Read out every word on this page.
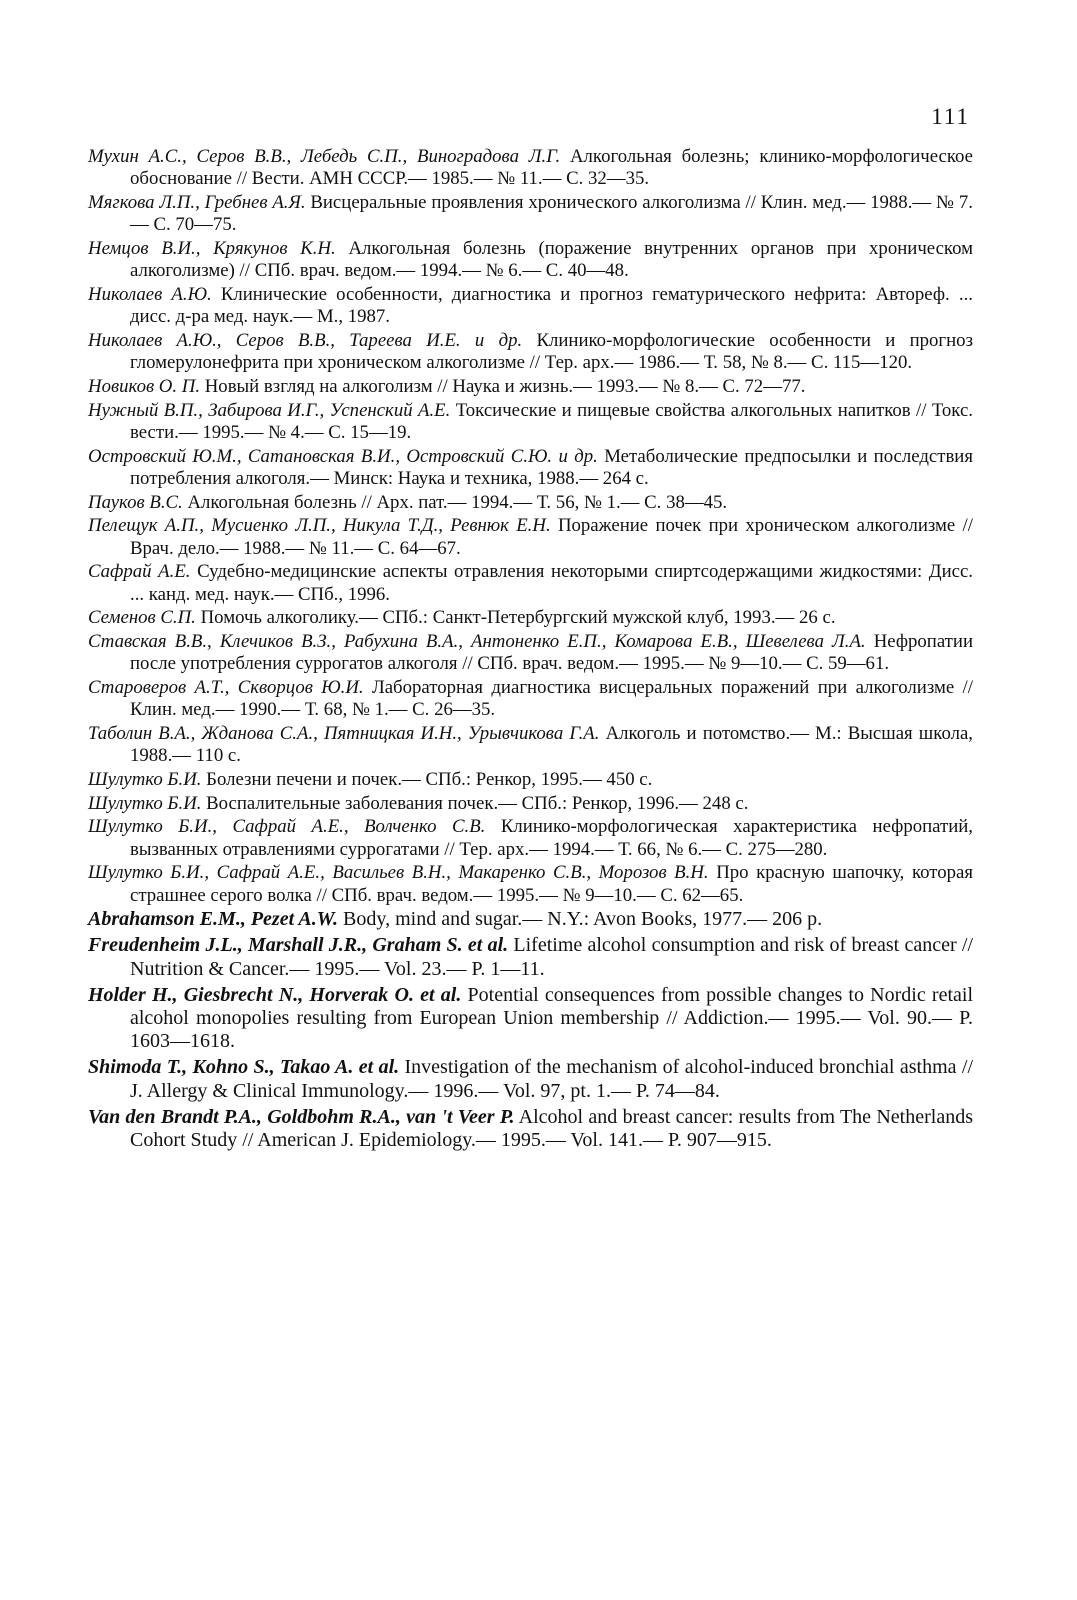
111

Мухин А.С., Серов В.В., Лебедь С.П., Виноградова Л.Г. Алкогольная болезнь; клинико-морфологическое обоснование // Вести. АМН СССР.— 1985.— № 11.— С. 32—35.

Мягкова Л.П., Гребнев А.Я. Висцеральные проявления хронического алкоголизма // Клин. мед.— 1988.— № 7.— С. 70—75.

Немцов В.И., Крякунов К.Н. Алкогольная болезнь (поражение внутренних органов при хроническом алкоголизме) // СПб. врач. ведом.— 1994.— № 6.— С. 40—48.

Николаев А.Ю. Клинические особенности, диагностика и прогноз гематурического нефрита: Автореф. ... дисс. д-ра мед. наук.— М., 1987.

Николаев А.Ю., Серов В.В., Тареева И.Е. и др. Клинико-морфологические особенности и прогноз гломерулонефрита при хроническом алкоголизме // Тер. арх.— 1986.— Т. 58, № 8.— С. 115—120.

Новиков О. П. Новый взгляд на алкоголизм // Наука и жизнь.— 1993.— № 8.— С. 72—77.

Нужный В.П., Забирова И.Г., Успенский А.Е. Токсические и пищевые свойства алкогольных напитков // Токс. вести.— 1995.— № 4.— С. 15—19.

Островский Ю.М., Сатановская В.И., Островский С.Ю. и др. Метаболические предпосылки и последствия потребления алкоголя.— Минск: Наука и техника, 1988.— 264 с.

Пауков В.С. Алкогольная болезнь // Арх. пат.— 1994.— Т. 56, № 1.— С. 38—45.

Пелещук А.П., Мусиенко Л.П., Никула Т.Д., Ревнюк Е.Н. Поражение почек при хроническом алкоголизме // Врач. дело.— 1988.— № 11.— С. 64—67.

Сафрай А.Е. Судебно-медицинские аспекты отравления некоторыми спиртсодержащими жидкостями: Дисс. ... канд. мед. наук.— СПб., 1996.

Семенов С.П. Помочь алкоголику.— СПб.: Санкт-Петербургский мужской клуб, 1993.— 26 с.

Ставская В.В., Клечиков В.З., Рабухина В.А., Антоненко Е.П., Комарова Е.В., Шевелева Л.А. Нефропатии после употребления суррогатов алкоголя // СПб. врач. ведом.— 1995.— № 9—10.— С. 59—61.

Староверов А.Т., Скворцов Ю.И. Лабораторная диагностика висцеральных поражений при алкоголизме // Клин. мед.— 1990.— Т. 68, № 1.— С. 26—35.

Таболин В.А., Жданова С.А., Пятницкая И.Н., Урывчикова Г.А. Алкоголь и потомство.— М.: Высшая школа, 1988.— 110 с.

Шулутко Б.И. Болезни печени и почек.— СПб.: Ренкор, 1995.— 450 с.

Шулутко Б.И. Воспалительные заболевания почек.— СПб.: Ренкор, 1996.— 248 с.

Шулутко Б.И., Сафрай А.Е., Волченко С.В. Клинико-морфологическая характеристика нефропатий, вызванных отравлениями суррогатами // Тер. арх.— 1994.— Т. 66, № 6.— С. 275—280.

Шулутко Б.И., Сафрай А.Е., Васильев В.Н., Макаренко С.В., Морозов В.Н. Про красную шапочку, которая страшнее серого волка // СПб. врач. ведом.— 1995.— № 9—10.— С. 62—65.

Abrahamson E.M., Pezet A.W. Body, mind and sugar.— N.Y.: Avon Books, 1977.— 206 p.

Freudenheim J.L., Marshall J.R., Graham S. et al. Lifetime alcohol consumption and risk of breast cancer // Nutrition & Cancer.— 1995.— Vol. 23.— P. 1—11.

Holder H., Giesbrecht N., Horverak O. et al. Potential consequences from possible changes to Nordic retail alcohol monopolies resulting from European Union membership // Addiction.— 1995.— Vol. 90.— P. 1603—1618.

Shimoda T., Kohno S., Takao A. et al. Investigation of the mechanism of alcohol-induced bronchial asthma // J. Allergy & Clinical Immunology.— 1996.— Vol. 97, pt. 1.— P. 74—84.

Van den Brandt P.A., Goldbohm R.A., van 't Veer P. Alcohol and breast cancer: results from The Netherlands Cohort Study // American J. Epidemiology.— 1995.— Vol. 141.— P. 907—915.
